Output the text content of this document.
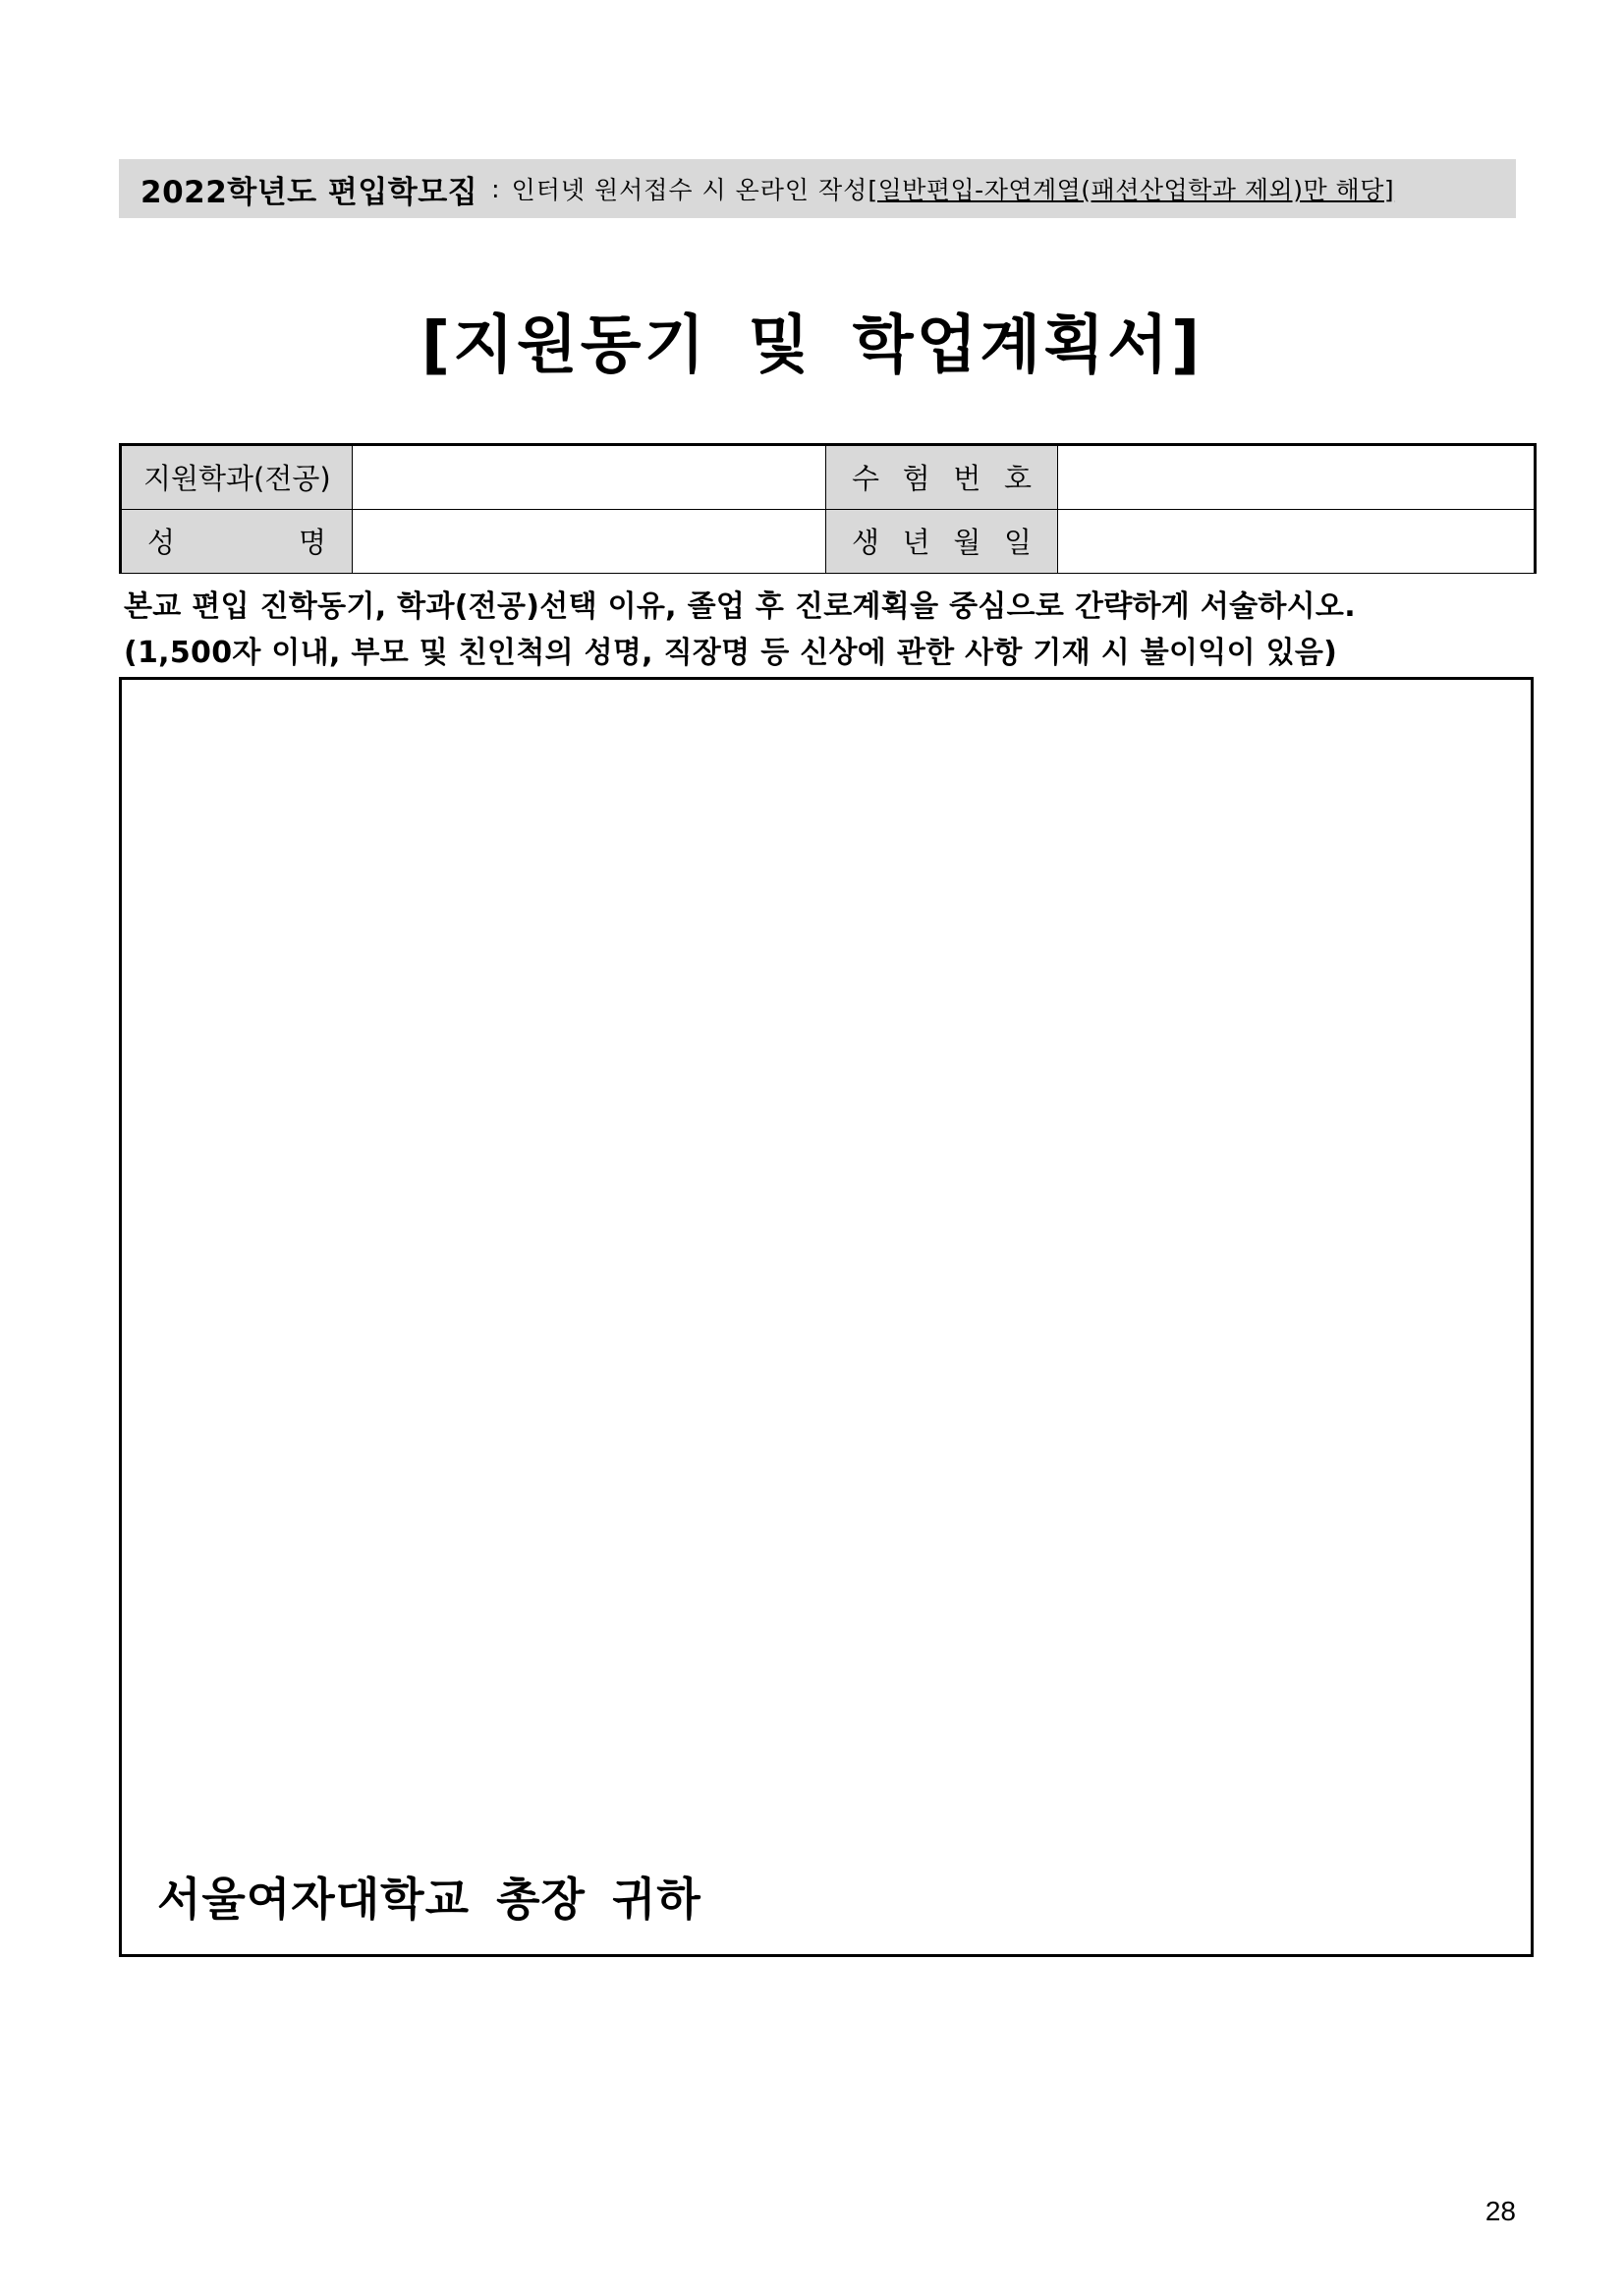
2022학년도 편입학모집 : 인터넷 원서접수 시 온라인 작성 [일반편입-자연계열(패션산업학과 제외)만 해당]
[지원동기 및 학업계획서]
지원학과(전공)		수 험 번 호	

성 명		생 년 월 일	

본교 편입 진학동기, 학과(전공)선택 이유, 졸업 후 진로계획을 중심으로 간략하게 서술하시오.

(1,500자 이내, 부모 및 친인척의 성명, 직장명 등 신상에 관한 사항 기재 시 불이익이 있음)

서울여자대학교 총장 귀하
28
